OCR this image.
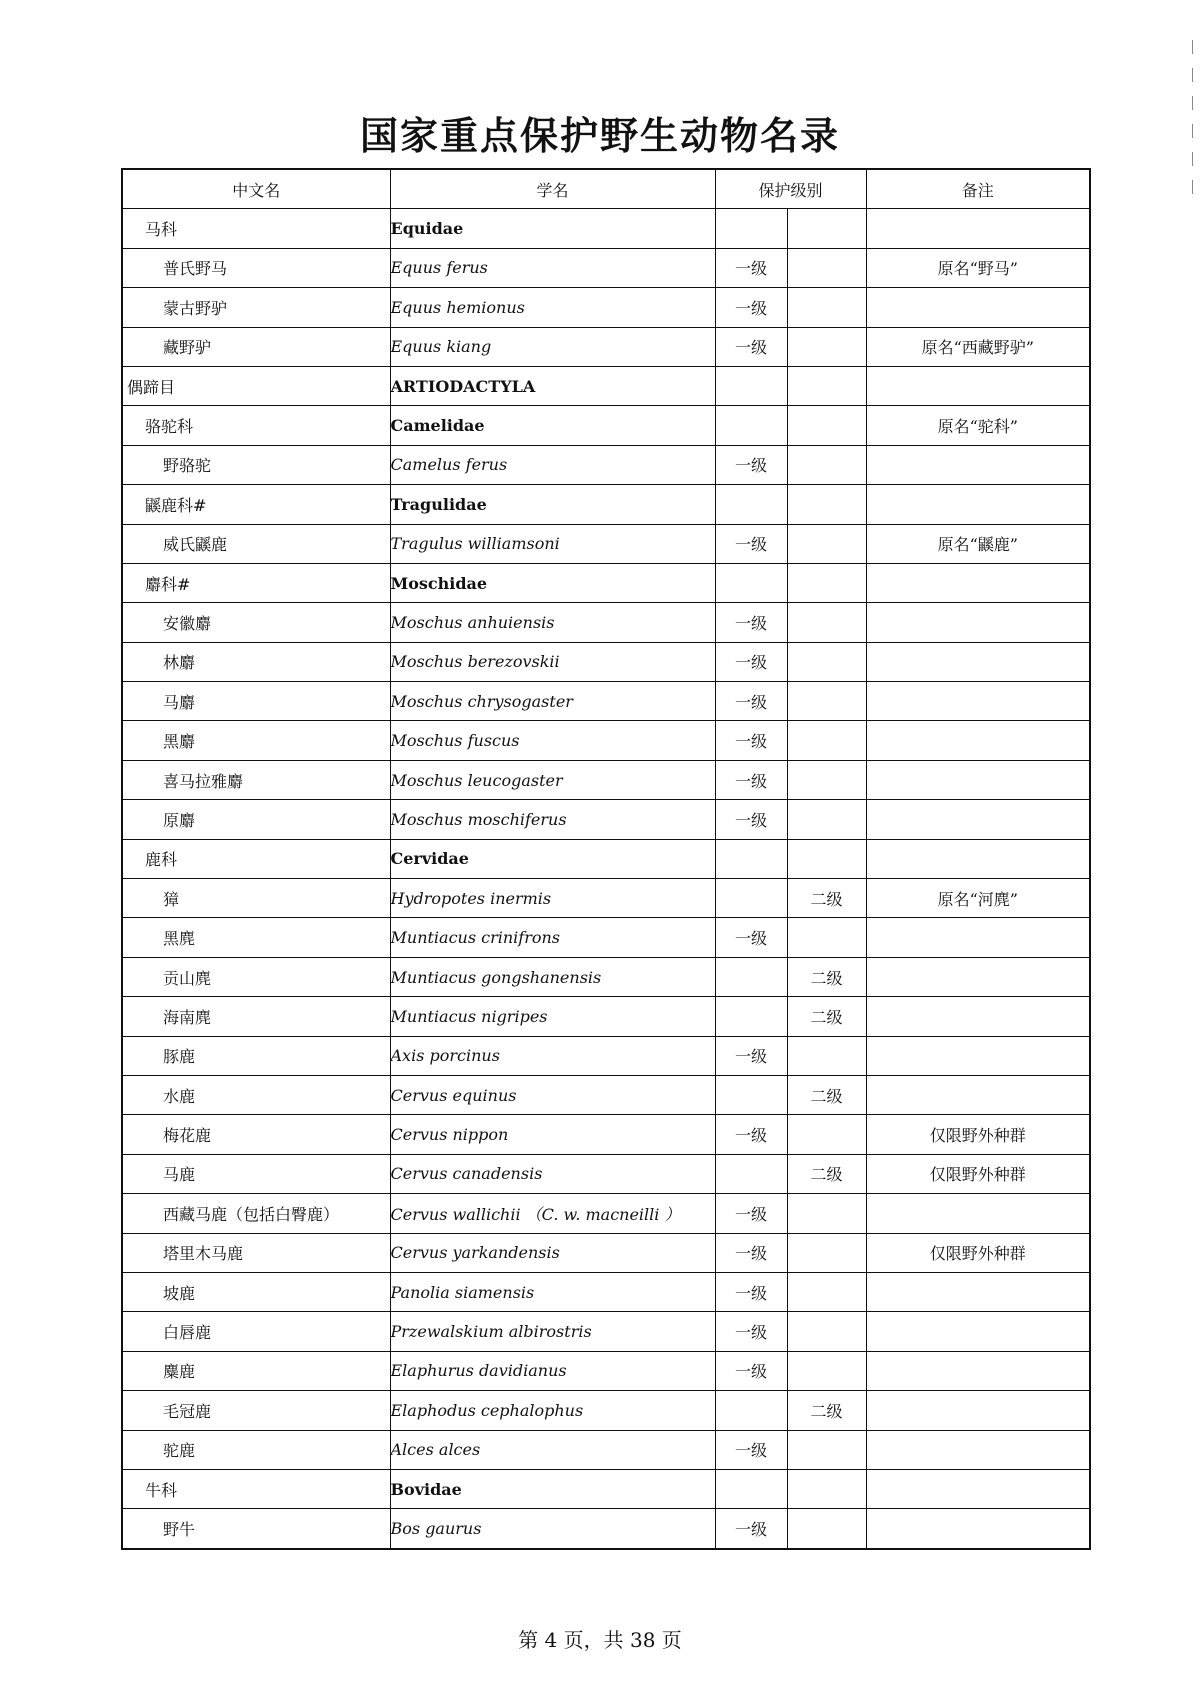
国家重点保护野生动物名录
中文名	学名	保护级别		备注
马科	Equidae			
普氏野马	Equus ferus	一级		原名“野马”
蒙古野驴	Equus hemionus	一级		
藏野驴	Equus kiang	一级		原名“西藏野驴”
偶蹄目	ARTIODACTYLA			
骆驼科	Camelidae			原名“驼科”
野骆驼	Camelus ferus	一级		
鼷鹿科#	Tragulidae			
威氏鼷鹿	Tragulus williamsoni	一级		原名“鼷鹿”
麝科#	Moschidae			
安徽麝	Moschus anhuiensis	一级		
林麝	Moschus berezovskii	一级		
马麝	Moschus chrysogaster	一级		
黑麝	Moschus fuscus	一级		
喜马拉雅麝	Moschus leucogaster	一级		
原麝	Moschus moschiferus	一级		
鹿科	Cervidae			
獐	Hydropotes inermis		二级	原名“河麂”
黑麂	Muntiacus crinifrons	一级		
贡山麂	Muntiacus gongshanensis		二级	
海南麂	Muntiacus nigripes		二级	
豚鹿	Axis porcinus	一级		
水鹿	Cervus equinus		二级	
梅花鹿	Cervus nippon	一级		仅限野外种群
马鹿	Cervus canadensis		二级	仅限野外种群
西藏马鹿（包括白臀鹿）	Cervus wallichii （C. w. macneilli ）	一级		
塔里木马鹿	Cervus yarkandensis	一级		仅限野外种群
坡鹿	Panolia siamensis	一级		
白唇鹿	Przewalskium albirostris	一级		
麋鹿	Elaphurus davidianus	一级		
毛冠鹿	Elaphodus cephalophus		二级	
驼鹿	Alces alces	一级		
牛科	Bovidae			
野牛	Bos gaurus	一级		
第 4 页，共 38 页
